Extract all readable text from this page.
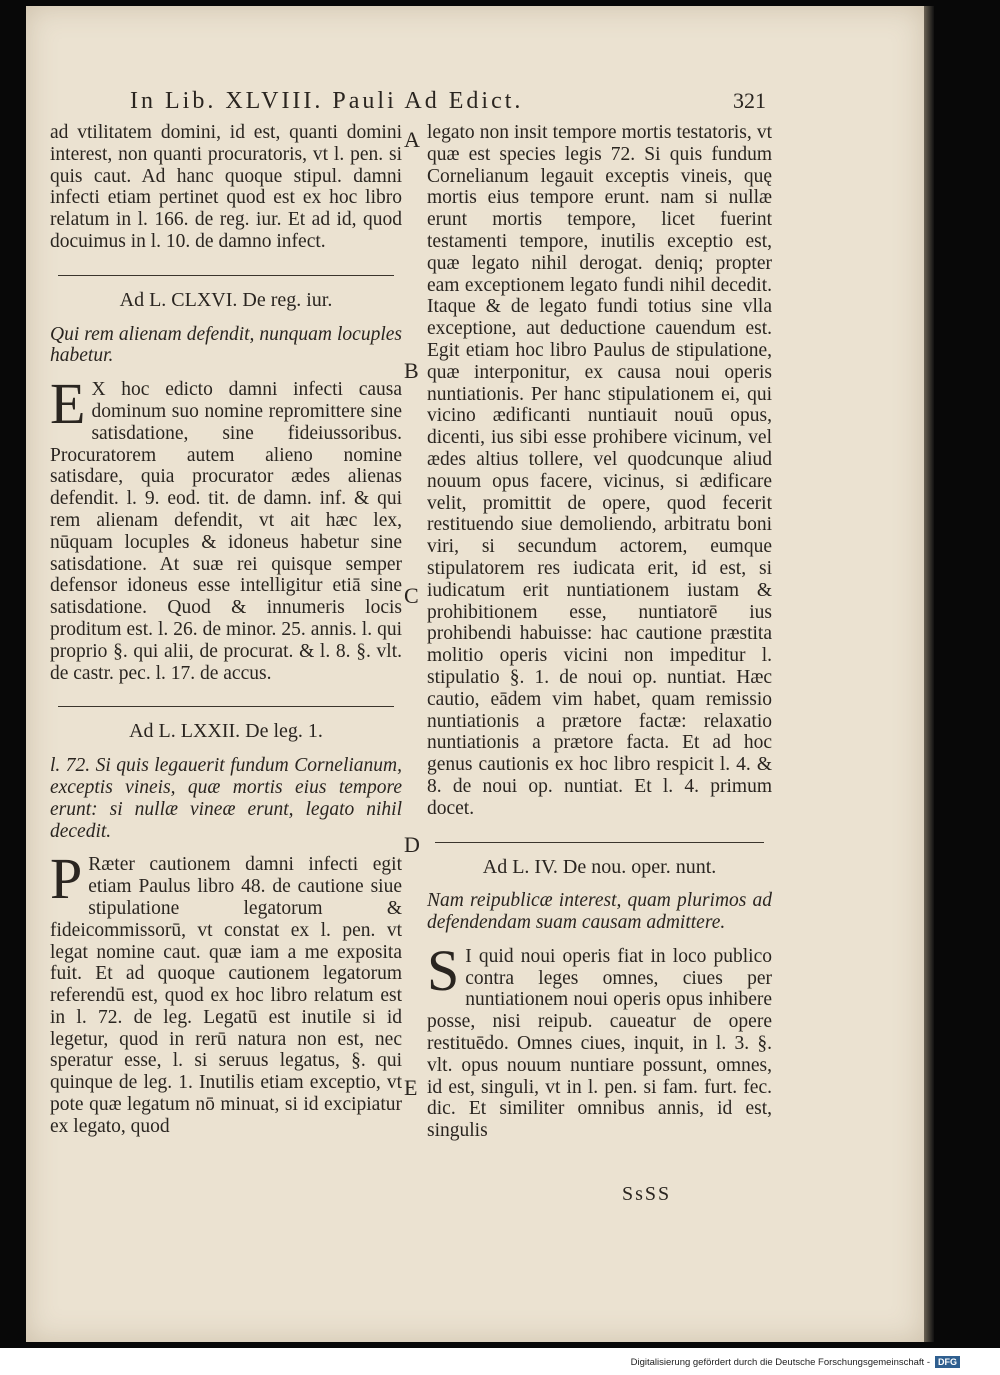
In Lib. XLVIII. Pauli Ad Edict.	321
A
B
C
D
E

ad vtilitatem domini, id est, quanti domini interest, non quanti procuratoris, vt l. pen. si quis caut. Ad hanc quoque stipul. damni infecti etiam pertinet quod est ex hoc libro relatum in l. 166. de reg. iur. Et ad id, quod docuimus in l. 10. de damno infect.

Ad L. CLXVI. De reg. iur.

Qui rem alienam defendit, nunquam locuples habetur.

E X hoc edicto damni infecti causa dominum suo nomine repromittere sine satisdatione, sine fideiussoribus. Procuratorem autem alieno nomine satisdare, quia procurator ædes alienas defendit. l. 9. eod. tit. de damn. inf. & qui rem alienam defendit, vt ait hæc lex, nūquam locuples & idoneus habetur sine satisdatione. At suæ rei quisque semper defensor idoneus esse intelligitur etiā sine satisdatione. Quod & innumeris locis proditum est. l. 26. de minor. 25. annis. l. qui proprio §. qui alii, de procurat. & l. 8. §. vlt. de castr. pec. l. 17. de accus.

Ad L. LXXII. De leg. 1.

l. 72. Si quis legauerit fundum Cornelianum, exceptis vineis, quæ mortis eius tempore erunt: si nullæ vineæ erunt, legato nihil decedit.

P Ræter cautionem damni infecti egit etiam Paulus libro 48. de cautione siue stipulatione legatorum & fideicommissorū, vt constat ex l. pen. vt legat nomine caut. quæ iam a me exposita fuit. Et ad quoque cautionem legatorum referendū est, quod ex hoc libro relatum est in l. 72. de leg. Legatū est inutile si id legetur, quod in rerū natura non est, nec speratur esse, l. si seruus legatus, §. qui quinque de leg. 1. Inutilis etiam exceptio, vt pote quæ legatum nō minuat, si id excipiatur ex legato, quod

legato non insit tempore mortis testatoris, vt quæ est species legis 72. Si quis fundum Cornelianum legauit exceptis vineis, quę mortis eius tempore erunt. nam si nullæ erunt mortis tempore, licet fuerint testamenti tempore, inutilis exceptio est, quæ legato nihil derogat. deniq; propter eam exceptionem legato fundi nihil decedit. Itaque & de legato fundi totius sine vlla exceptione, aut deductione cauendum est. Egit etiam hoc libro Paulus de stipulatione, quæ interponitur, ex causa noui operis nuntiationis. Per hanc stipulationem ei, qui vicino ædificanti nuntiauit nouū opus, dicenti, ius sibi esse prohibere vicinum, vel ædes altius tollere, vel quodcunque aliud nouum opus facere, vicinus, si ædificare velit, promittit de opere, quod fecerit restituendo siue demoliendo, arbitratu boni viri, si secundum actorem, eumque stipulatorem res iudicata erit, id est, si iudicatum erit nuntiationem iustam & prohibitionem esse, nuntiatorē ius prohibendi habuisse: hac cautione præstita molitio operis vicini non impeditur l. stipulatio §. 1. de noui op. nuntiat. Hæc cautio, eādem vim habet, quam remissio nuntiationis a prætore factæ: relaxatio nuntiationis a prætore facta. Et ad hoc genus cautionis ex hoc libro respicit l. 4. & 8. de noui op. nuntiat. Et l. 4. primum docet.

Ad L. IV. De nou. oper. nunt.

Nam reipublicæ interest, quam plurimos ad defendendam suam causam admittere.

S I quid noui operis fiat in loco publico contra leges omnes, ciues per nuntiationem noui operis opus inhibere posse, nisi reipub. caueatur de opere restituēdo. Omnes ciues, inquit, in l. 3. §. vlt. opus nouum nuntiare possunt, omnes, id est, singuli, vt in l. pen. si fam. furt. fec. dic. Et similiter omnibus annis, id est, singulis

SsSS
Digitalisierung gefördert durch die Deutsche Forschungsgemeinschaft - DFG
